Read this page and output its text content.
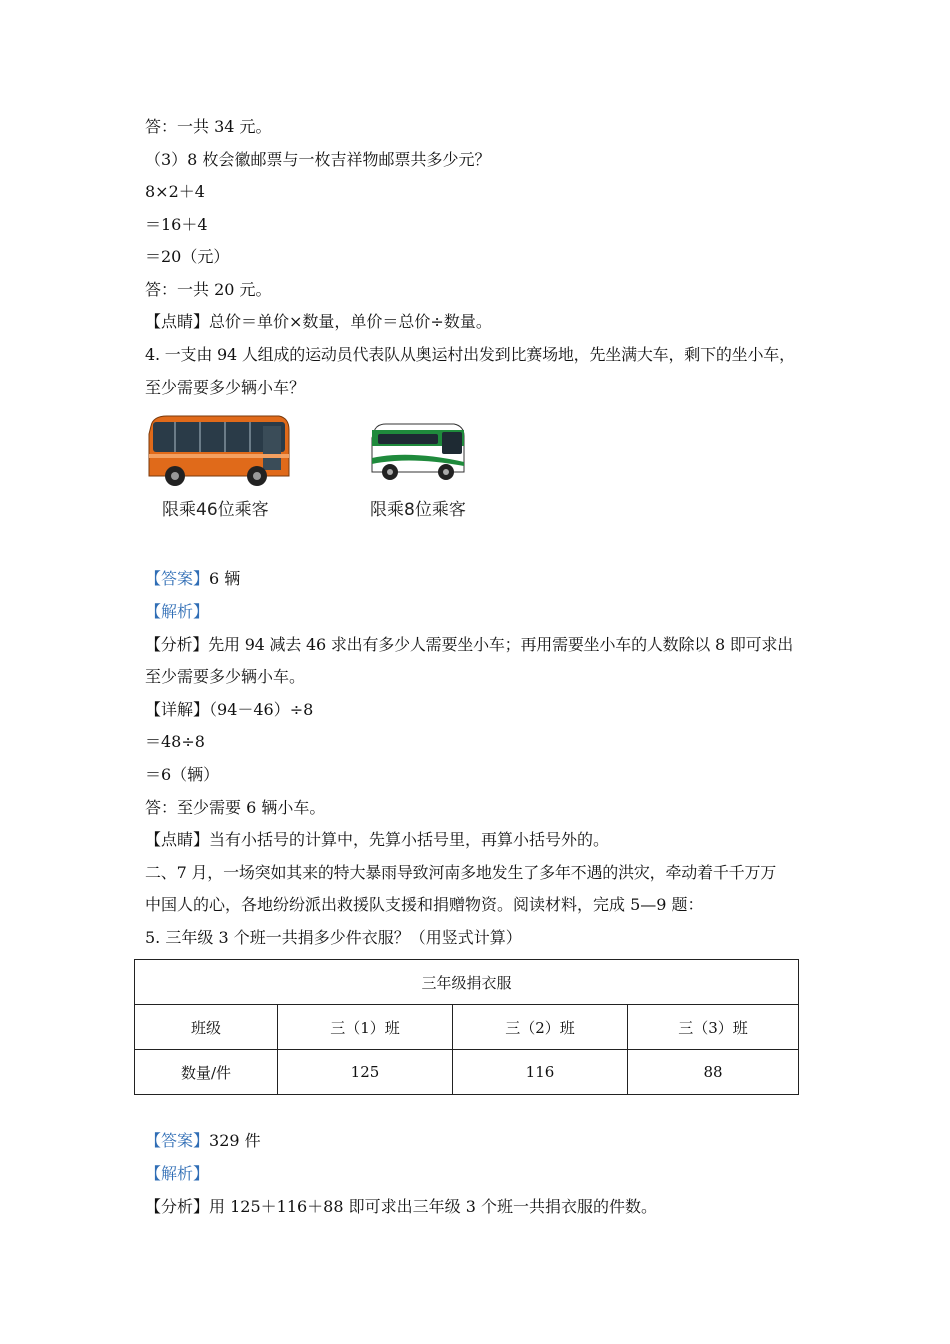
答：一共 34 元。
（3）8 枚会徽邮票与一枚吉祥物邮票共多少元？
8×2＋4
＝16＋4
＝20（元）
答：一共 20 元。
【点睛】总价＝单价×数量，单价＝总价÷数量。
4. 一支由 94 人组成的运动员代表队从奥运村出发到比赛场地，先坐满大车，剩下的坐小车，
至少需要多少辆小车？
限乘46位乘客	限乘8位乘客
【答案】6 辆
【解析】
【分析】先用 94 减去 46 求出有多少人需要坐小车；再用需要坐小车的人数除以 8 即可求出
至少需要多少辆小车。
【详解】（94－46）÷8
＝48÷8
＝6（辆）
答：至少需要 6 辆小车。
【点睛】当有小括号的计算中，先算小括号里，再算小括号外的。
二、7 月，一场突如其来的特大暴雨导致河南多地发生了多年不遇的洪灾，牵动着千千万万
中国人的心，各地纷纷派出救援队支援和捐赠物资。阅读材料，完成 5—9 题：
5. 三年级 3 个班一共捐多少件衣服？（用竖式计算）
三年级捐衣服			
班级	三（1）班	三（2）班	三（3）班
数量/件	125	116	88
【答案】329 件
【解析】
【分析】用 125＋116＋88 即可求出三年级 3 个班一共捐衣服的件数。
